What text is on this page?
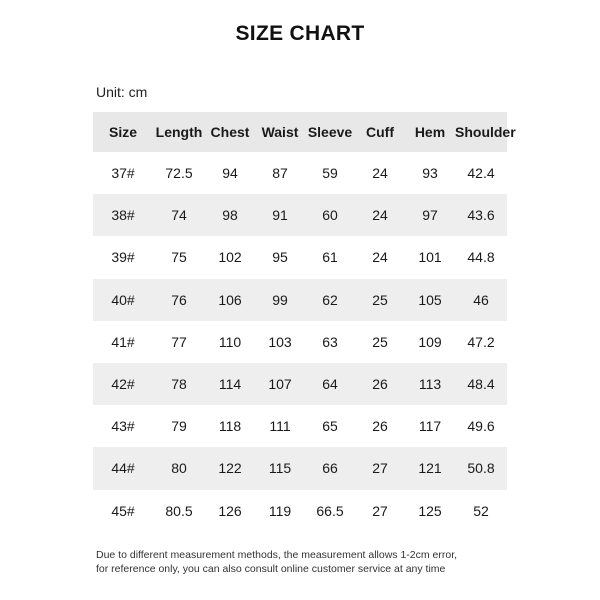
SIZE CHART
Unit: cm
Size	Length	Chest	Waist	Sleeve	Cuff	Hem	Shoulder
37#	72.5	94	87	59	24	93	42.4
38#	74	98	91	60	24	97	43.6
39#	75	102	95	61	24	101	44.8
40#	76	106	99	62	25	105	46
41#	77	110	103	63	25	109	47.2
42#	78	114	107	64	26	113	48.4
43#	79	118	111	65	26	117	49.6
44#	80	122	115	66	27	121	50.8
45#	80.5	126	119	66.5	27	125	52
Due to different measurement methods, the measurement allows 1-2cm error,
for reference only, you can also consult online customer service at any time
